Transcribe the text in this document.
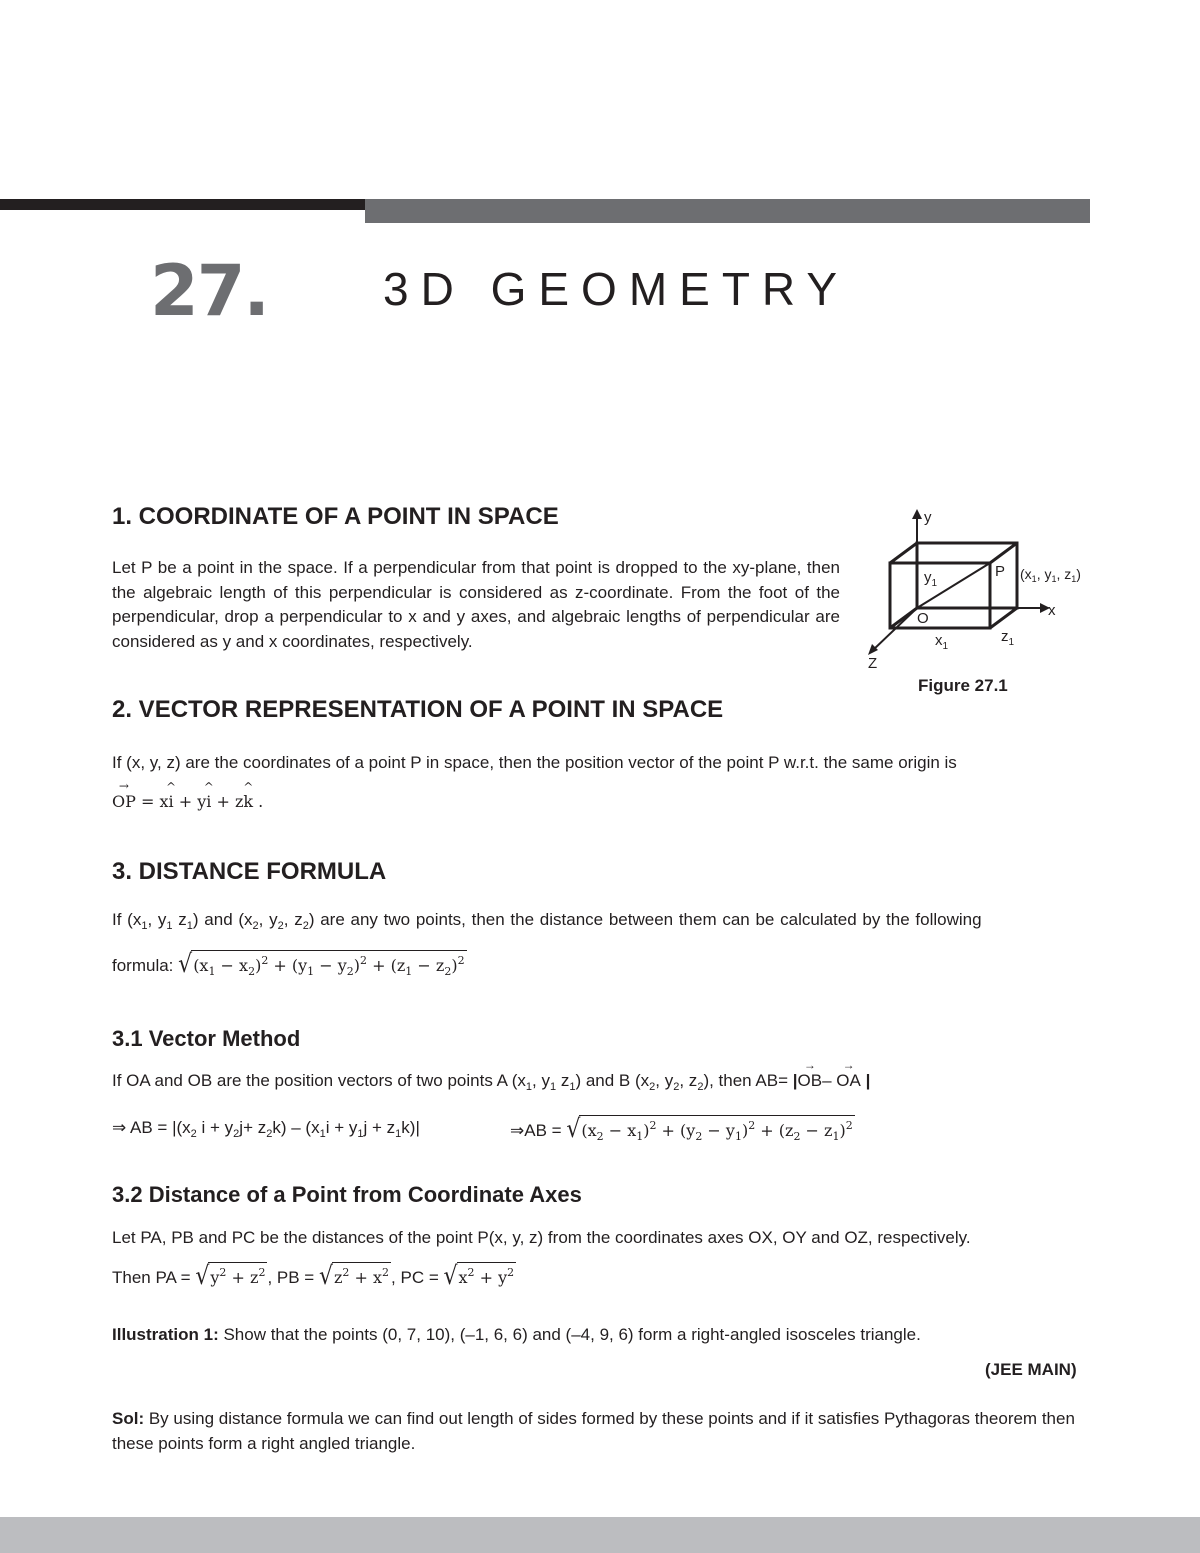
27. 3D GEOMETRY
1. COORDINATE OF A POINT IN SPACE
Let P be a point in the space. If a perpendicular from that point is dropped to the xy-plane, then the algebraic length of this perpendicular is considered as z-coordinate. From the foot of the perpendicular, drop a perpendicular to x and y axes, and algebraic lengths of perpendicular are considered as y and x coordinates, respectively.
y
x
Z
O
P
$y_1$
$x_1$
$z_1$
($x_1$, $y_1$, $z_1$)
Figure 27.1
2. VECTOR REPRESENTATION OF A POINT IN SPACE
If (x, y, z) are the coordinates of a point P in space, then the position vector of the point P w.r.t. the same origin is
→ OP = x^ i + y^ i + z^ k .
3. DISTANCE FORMULA
If ($x_1$, $y_1$ $z_1$) and ($x_2$, $y_2$, $z_2$) are any two points, then the distance between them can be calculated by the following
formula: $√(x_1 - x_2)^2 + (y_1 - y_2)^2 + (z_1 - z_2)^2$
3.1 Vector Method
If OA and OB are the position vectors of two points A ($x_1$, $y_1$ $z_1$) and B ($x_2$, $y_2$, $z_2$), then AB= |→ OB– → OA |
⇒ AB = $|(x_2$ $i + y_2j+ z_2k) - (x_1i + y_1j + z_1k)|$	⇒AB = $√(x_2 - x_1)^2 + (y_2 - y_1)^2 + (z_2 - z_1)^2$
3.2 Distance of a Point from Coordinate Axes
Let PA, PB and PC be the distances of the point P(x, y, z) from the coordinates axes OX, OY and OZ, respectively.
Then PA = $√y^2 + z^2$ , PB = $√z^2 + x^2$ , PC = $√x^2 + y^2$
Illustration 1: Show that the points (0, 7, 10), (–1, 6, 6) and (–4, 9, 6) form a right-angled isosceles triangle.
(JEE MAIN)
Sol: By using distance formula we can find out length of sides formed by these points and if it satisfies Pythagoras theorem then these points form a right angled triangle.
